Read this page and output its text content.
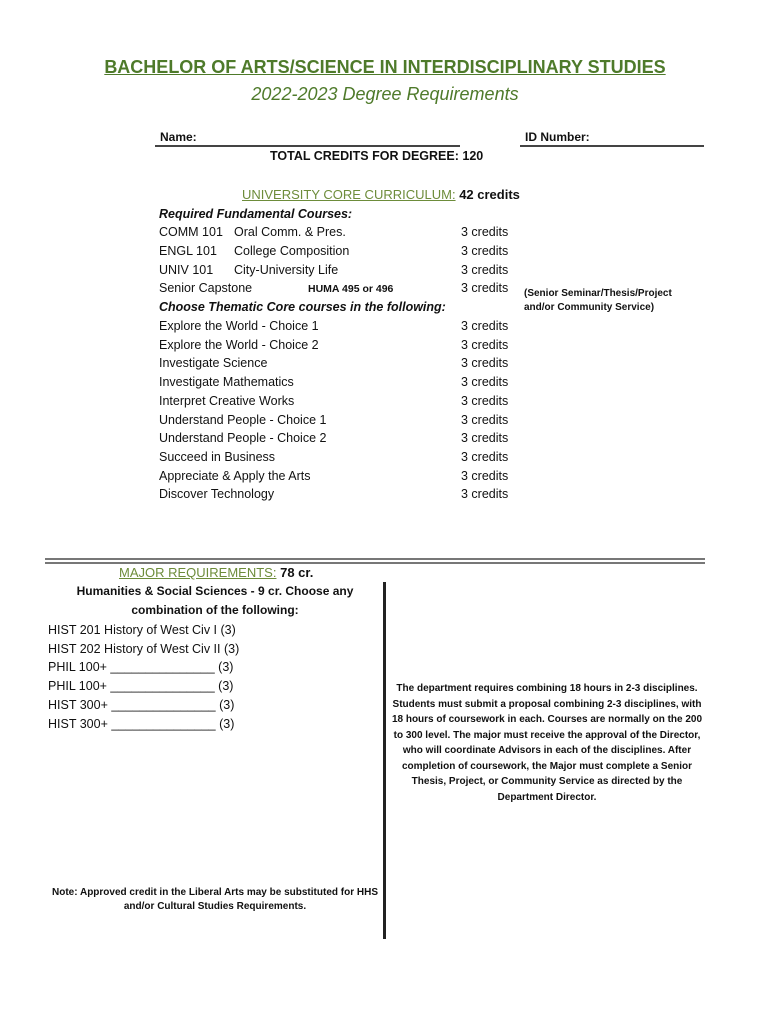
BACHELOR OF ARTS/SCIENCE IN INTERDISCIPLINARY STUDIES
2022-2023 Degree Requirements
Name:	ID Number:
TOTAL CREDITS FOR DEGREE: 120
UNIVERSITY CORE CURRICULUM: 42 credits
Required Fundamental Courses:
COMM 101 Oral Comm. & Pres.	3 credits
ENGL 101 College Composition	3 credits
UNIV 101 City-University Life	3 credits
Senior Capstone	HUMA 495 or 496	3 credits (Senior Seminar/Thesis/Project
and/or Community Service)
Choose Thematic Core courses in the following:
Explore the World - Choice 1	3 credits
Explore the World - Choice 2	3 credits
Investigate Science	3 credits
Investigate Mathematics	3 credits
Interpret Creative Works	3 credits
Understand People - Choice 1	3 credits
Understand People - Choice 2	3 credits
Succeed in Business	3 credits
Appreciate & Apply the Arts	3 credits
Discover Technology	3 credits
MAJOR REQUIREMENTS: 78 cr.
Humanities & Social Sciences - 9 cr. Choose any
combination of the following:
HIST 201 History of West Civ I (3)
HIST 202 History of West Civ II (3)
PHIL 100+ _______________ (3)
PHIL 100+ _______________ (3)
HIST 300+ _______________ (3)
HIST 300+ _______________ (3)
The department requires combining 18 hours in 2-3 disciplines. Students must submit a proposal combining 2-3 disciplines, with 18 hours of coursework in each. Courses are normally on the 200 to 300 level. The major must receive the approval of the Director, who will coordinate Advisors in each of the disciplines. After completion of coursework, the Major must complete a Senior Thesis, Project, or Community Service as directed by the Department Director.
Note: Approved credit in the Liberal Arts may be substituted for HHS and/or Cultural Studies Requirements.
